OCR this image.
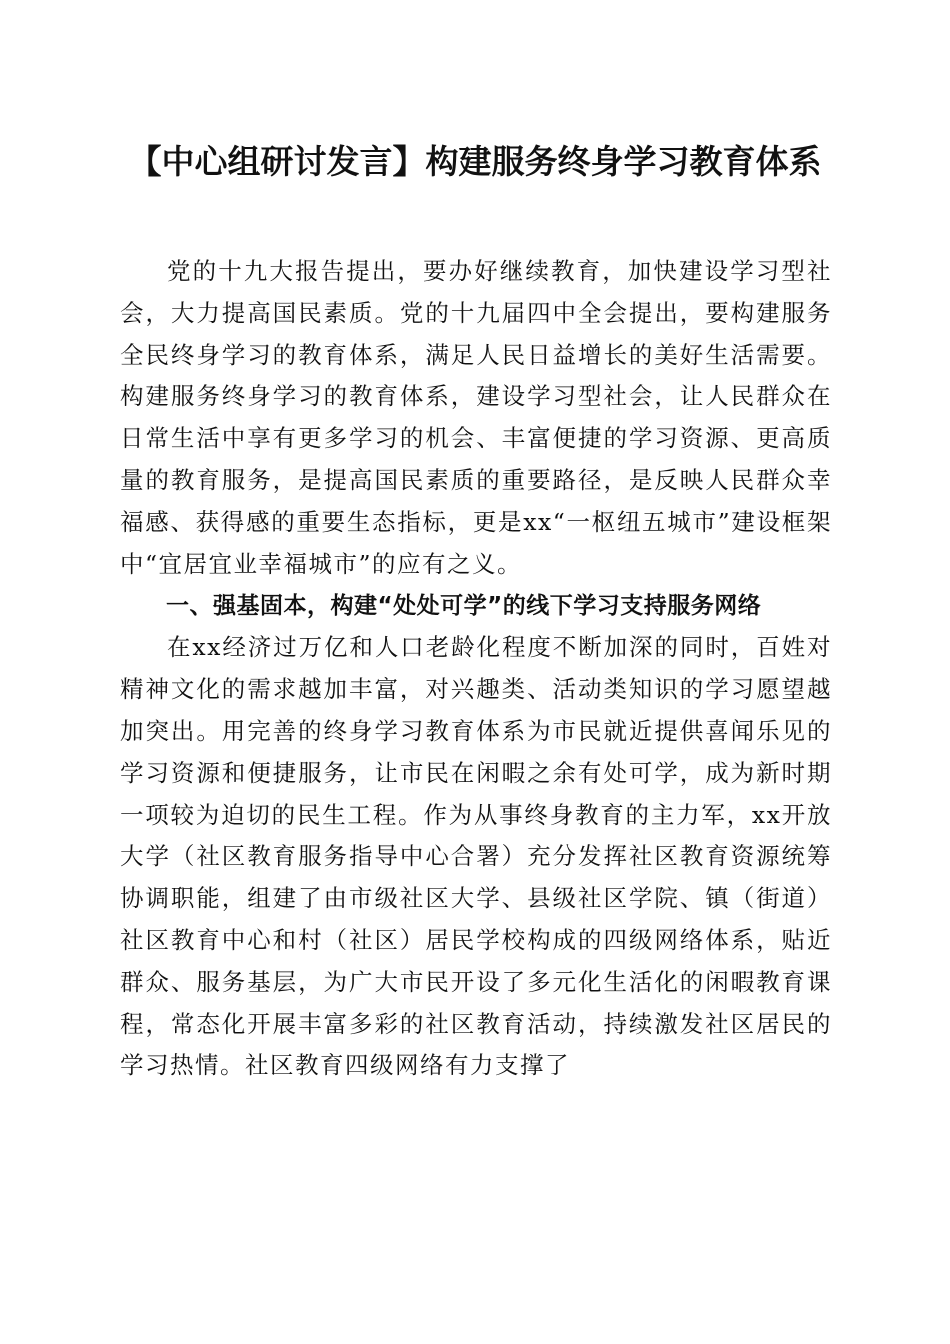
【中心组研讨发言】构建服务终身学习教育体系

党的十九大报告提出，要办好继续教育，加快建设学习型社会，大力提高国民素质。党的十九届四中全会提出，要构建服务全民终身学习的教育体系，满足人民日益增长的美好生活需要。构建服务终身学习的教育体系，建设学习型社会，让人民群众在日常生活中享有更多学习的机会、丰富便捷的学习资源、更高质量的教育服务，是提高国民素质的重要路径，是反映人民群众幸福感、获得感的重要生态指标，更是xx“一枢纽五城市”建设框架中“宜居宜业幸福城市”的应有之义。

一、强基固本，构建“处处可学”的线下学习支持服务网络

在xx经济过万亿和人口老龄化程度不断加深的同时，百姓对精神文化的需求越加丰富，对兴趣类、活动类知识的学习愿望越加突出。用完善的终身学习教育体系为市民就近提供喜闻乐见的学习资源和便捷服务，让市民在闲暇之余有处可学，成为新时期一项较为迫切的民生工程。作为从事终身教育的主力军，xx开放大学（社区教育服务指导中心合署）充分发挥社区教育资源统筹协调职能，组建了由市级社区大学、县级社区学院、镇（街道）社区教育中心和村（社区）居民学校构成的四级网络体系，贴近群众、服务基层，为广大市民开设了多元化生活化的闲暇教育课程，常态化开展丰富多彩的社区教育活动，持续激发社区居民的学习热情。社区教育四级网络有力支撑了
